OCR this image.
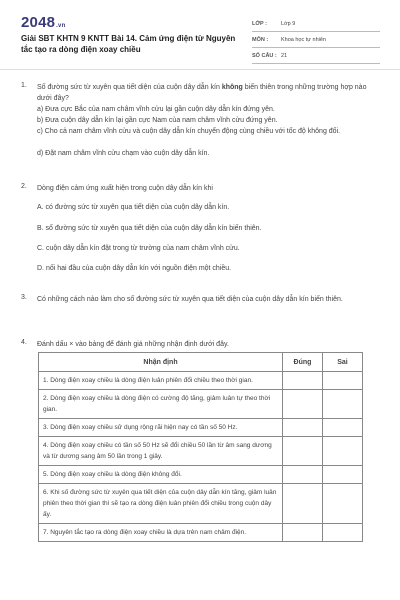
2048.vn
Giải SBT KHTN 9 KNTT Bài 14. Cảm ứng điện từ Nguyên tắc tạo ra dòng điện xoay chiều
LỚP :	Lớp 9
MÔN :	Khoa học tự nhiên
SỐ CÂU : 21
1. Số đường sức từ xuyên qua tiết diện của cuộn dây dẫn kín không biến thiên trong những trường hợp nào dưới đây?
a) Đưa cực Bắc của nam châm vĩnh cửu lại gần cuộn dây dẫn kín đứng yên.
b) Đưa cuộn dây dẫn kín lại gần cực Nam của nam châm vĩnh cửu đứng yên.
c) Cho cả nam châm vĩnh cửu và cuộn dây dẫn kín chuyển động cùng chiều với tốc độ không đổi.
d) Đặt nam châm vĩnh cửu chạm vào cuộn dây dẫn kín.
2. Dòng điện cảm ứng xuất hiện trong cuộn dây dẫn kín khi
A. có đường sức từ xuyên qua tiết diện của cuộn dây dẫn kín.
B. số đường sức từ xuyên qua tiết diện của cuộn dây dẫn kín biến thiên.
C. cuộn dây dẫn kín đặt trong từ trường của nam châm vĩnh cửu.
D. nối hai đầu của cuộn dây dẫn kín với nguồn điện một chiều.
3. Có những cách nào làm cho số đường sức từ xuyên qua tiết diện của cuộn dây dẫn kín biến thiên.
4. Đánh dấu × vào bảng để đánh giá những nhận định dưới đây.
Nhận định	Đúng	Sai
1. Dòng điện xoay chiều là dòng điện luân phiên đổi chiều theo thời gian.		
2. Dòng điện xoay chiều là dòng điện có cường độ tăng, giảm luân tự theo thời gian.		
3. Dòng điện xoay chiều sử dụng rộng rãi hiện nay có tần số 50 Hz.		
4. Dòng điện xoay chiều có tần số 50 Hz sẽ đổi chiều 50 lần từ âm sang dương và từ dương sang âm 50 lần trong 1 giây.		
5. Dòng điện xoay chiều là dòng điện không đổi.		
6. Khi số đường sức từ xuyên qua tiết diện của cuộn dây dẫn kín tăng, giảm luân phiên theo thời gian thì sẽ tạo ra dòng điện luân phiên đổi chiều trong cuộn dây ấy.		
7. Nguyên tắc tạo ra dòng điện xoay chiều là dựa trên nam châm điện.		
